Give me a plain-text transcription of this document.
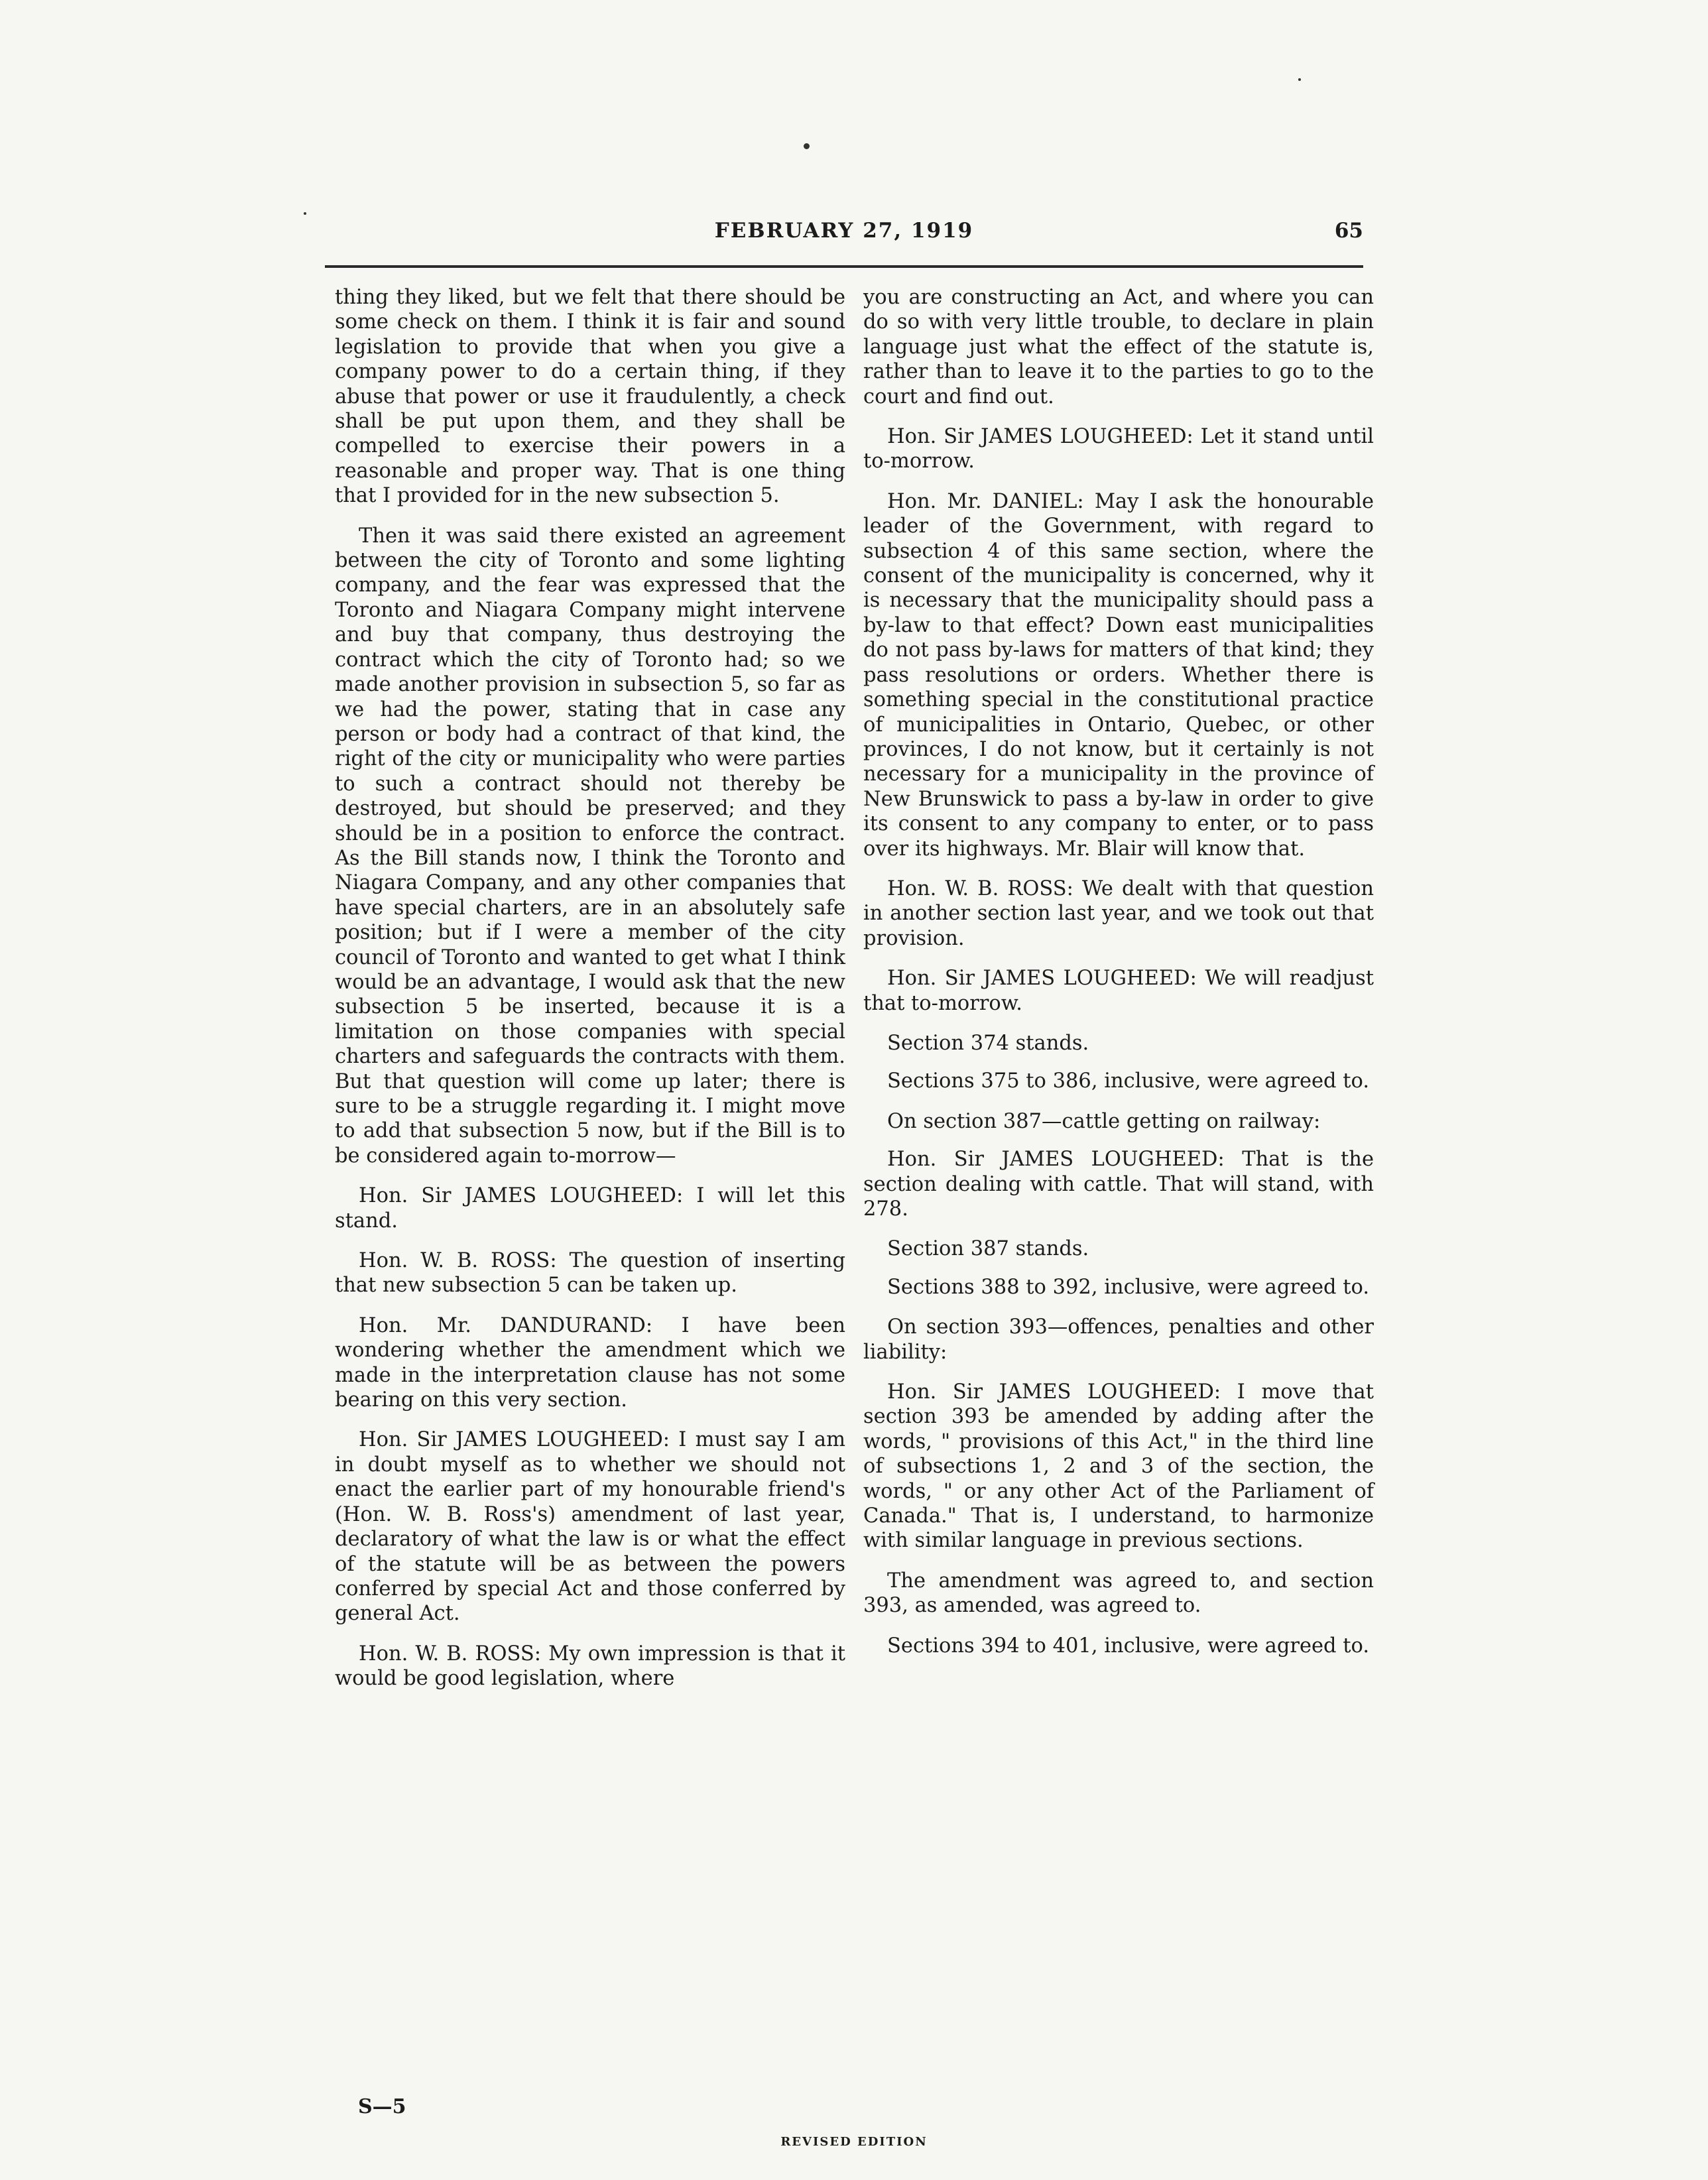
FEBRUARY 27, 1919	65

thing they liked, but we felt that there should be some check on them. I think it is fair and sound legislation to provide that when you give a company power to do a certain thing, if they abuse that power or use it fraudulently, a check shall be put upon them, and they shall be compelled to exercise their powers in a reasonable and proper way. That is one thing that I provided for in the new subsection 5.

Then it was said there existed an agreement between the city of Toronto and some lighting company, and the fear was expressed that the Toronto and Niagara Company might intervene and buy that company, thus destroying the contract which the city of Toronto had; so we made another provision in subsection 5, so far as we had the power, stating that in case any person or body had a contract of that kind, the right of the city or municipality who were parties to such a contract should not thereby be destroyed, but should be preserved; and they should be in a position to enforce the contract. As the Bill stands now, I think the Toronto and Niagara Company, and any other companies that have special charters, are in an absolutely safe position; but if I were a member of the city council of Toronto and wanted to get what I think would be an advantage, I would ask that the new subsection 5 be inserted, because it is a limitation on those companies with special charters and safeguards the contracts with them. But that question will come up later; there is sure to be a struggle regarding it. I might move to add that subsection 5 now, but if the Bill is to be considered again to-morrow—

Hon. Sir JAMES LOUGHEED: I will let this stand.

Hon. W. B. ROSS: The question of inserting that new subsection 5 can be taken up.

Hon. Mr. DANDURAND: I have been wondering whether the amendment which we made in the interpretation clause has not some bearing on this very section.

Hon. Sir JAMES LOUGHEED: I must say I am in doubt myself as to whether we should not enact the earlier part of my honourable friend's (Hon. W. B. Ross's) amendment of last year, declaratory of what the law is or what the effect of the statute will be as between the powers conferred by special Act and those conferred by general Act.

Hon. W. B. ROSS: My own impression is that it would be good legislation, where

you are constructing an Act, and where you can do so with very little trouble, to declare in plain language just what the effect of the statute is, rather than to leave it to the parties to go to the court and find out.

Hon. Sir JAMES LOUGHEED: Let it stand until to-morrow.

Hon. Mr. DANIEL: May I ask the honourable leader of the Government, with regard to subsection 4 of this same section, where the consent of the municipality is concerned, why it is necessary that the municipality should pass a by-law to that effect? Down east municipalities do not pass by-laws for matters of that kind; they pass resolutions or orders. Whether there is something special in the constitutional practice of municipalities in Ontario, Quebec, or other provinces, I do not know, but it certainly is not necessary for a municipality in the province of New Brunswick to pass a by-law in order to give its consent to any company to enter, or to pass over its highways. Mr. Blair will know that.

Hon. W. B. ROSS: We dealt with that question in another section last year, and we took out that provision.

Hon. Sir JAMES LOUGHEED: We will readjust that to-morrow.

Section 374 stands.

Sections 375 to 386, inclusive, were agreed to.

On section 387—cattle getting on railway:

Hon. Sir JAMES LOUGHEED: That is the section dealing with cattle. That will stand, with 278.

Section 387 stands.

Sections 388 to 392, inclusive, were agreed to.

On section 393—offences, penalties and other liability:

Hon. Sir JAMES LOUGHEED: I move that section 393 be amended by adding after the words, " provisions of this Act," in the third line of subsections 1, 2 and 3 of the section, the words, " or any other Act of the Parliament of Canada." That is, I understand, to harmonize with similar language in previous sections.

The amendment was agreed to, and section 393, as amended, was agreed to.

Sections 394 to 401, inclusive, were agreed to.

S—5
REVISED EDITION
